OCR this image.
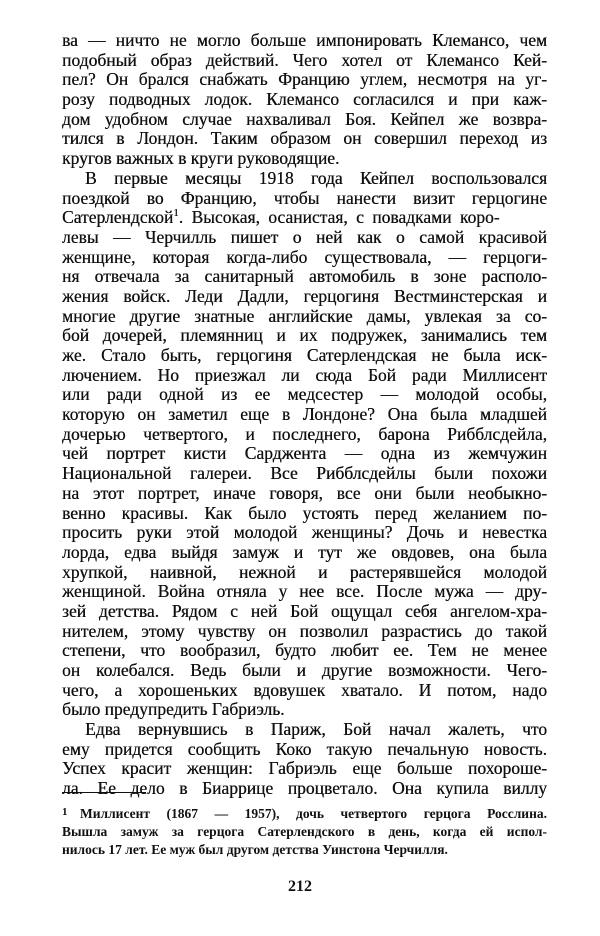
ва — ничто не могло больше импонировать Клемансо, чем
подобный образ действий. Чего хотел от Клемансо Кей-
пел? Он брался снабжать Францию углем, несмотря на уг-
розу подводных лодок. Клемансо согласился и при каж-
дом удобном случае нахваливал Боя. Кейпел же возвра-
тился в Лондон. Таким образом он совершил переход из
кругов важных в круги руководящие.
В первые месяцы 1918 года Кейпел воспользовался
поездкой во Францию, чтобы нанести визит герцогине
Сатерлендской$^1$. Высокая, осанистая, с повадками коро-
левы — Черчилль пишет о ней как о самой красивой
женщине, которая когда-либо существовала, — герцоги-
ня отвечала за санитарный автомобиль в зоне располо-
жения войск. Леди Дадли, герцогиня Вестминстерская и
многие другие знатные английские дамы, увлекая за со-
бой дочерей, племянниц и их подружек, занимались тем
же. Стало быть, герцогиня Сатерлендская не была иск-
лючением. Но приезжал ли сюда Бой ради Миллисент
или ради одной из ее медсестер — молодой особы,
которую он заметил еще в Лондоне? Она была младшей
дочерью четвертого, и последнего, барона Рибблсдейла,
чей портрет кисти Сарджента — одна из жемчужин
Национальной галереи. Все Рибблсдейлы были похожи
на этот портрет, иначе говоря, все они были необыкно-
венно красивы. Как было устоять перед желанием по-
просить руки этой молодой женщины? Дочь и невестка
лорда, едва выйдя замуж и тут же овдовев, она была
хрупкой, наивной, нежной и растерявшейся молодой
женщиной. Война отняла у нее все. После мужа — дру-
зей детства. Рядом с ней Бой ощущал себя ангелом-хра-
нителем, этому чувству он позволил разрастись до такой
степени, что вообразил, будто любит ее. Тем не менее
он колебался. Ведь были и другие возможности. Чего-
чего, а хорошеньких вдовушек хватало. И потом, надо
было предупредить Габриэль.
Едва вернувшись в Париж, Бой начал жалеть, что
ему придется сообщить Коко такую печальную новость.
Успех красит женщин: Габриэль еще больше похороше-
ла. Ее дело в Биаррице процветало. Она купила виллу
1 Миллисент (1867 — 1957), дочь четвертого герцога Росслина.
Вышла замуж за герцога Сатерлендского в день, когда ей испол-
нилось 17 лет. Ее муж был другом детства Уинстона Черчилля.
212
